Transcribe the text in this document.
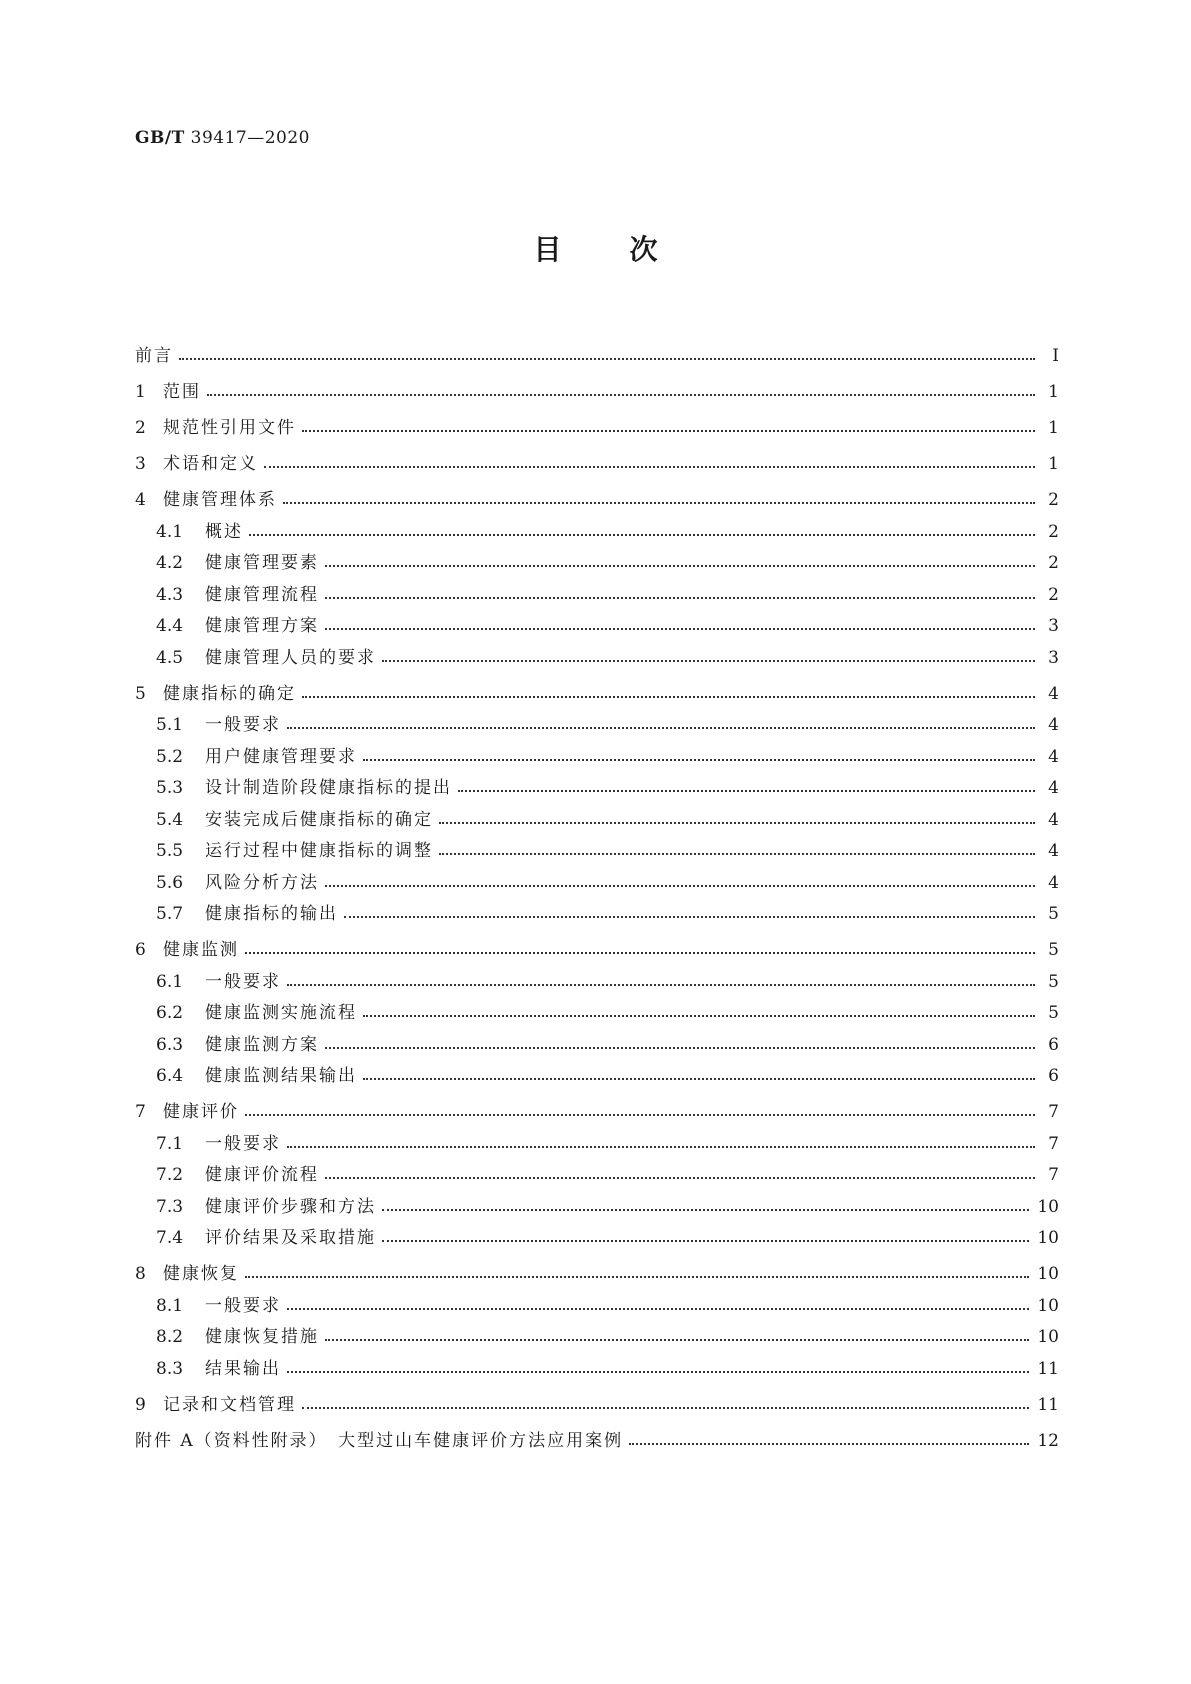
GB/T 39417—2020
目 次
前言	Ⅰ
1	范围	1
2	规范性引用文件	1
3	术语和定义	1
4	健康管理体系	2
4.1	概述	2
4.2	健康管理要素	2
4.3	健康管理流程	2
4.4	健康管理方案	3
4.5	健康管理人员的要求	3
5	健康指标的确定	4
5.1	一般要求	4
5.2	用户健康管理要求	4
5.3	设计制造阶段健康指标的提出	4
5.4	安装完成后健康指标的确定	4
5.5	运行过程中健康指标的调整	4
5.6	风险分析方法	4
5.7	健康指标的输出	5
6	健康监测	5
6.1	一般要求	5
6.2	健康监测实施流程	5
6.3	健康监测方案	6
6.4	健康监测结果输出	6
7	健康评价	7
7.1	一般要求	7
7.2	健康评价流程	7
7.3	健康评价步骤和方法	10
7.4	评价结果及采取措施	10
8	健康恢复	10
8.1	一般要求	10
8.2	健康恢复措施	10
8.3	结果输出	11
9	记录和文档管理	11
附件 A（资料性附录）　大型过山车健康评价方法应用案例	12
